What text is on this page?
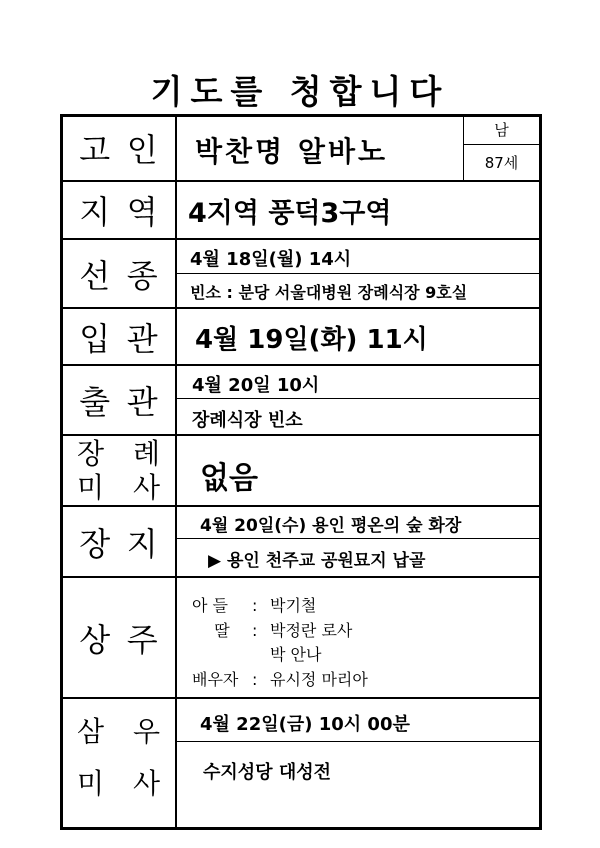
기도를 청합니다
고 인 박찬명 알바노
남
87세
지 역 4지역 풍덕3구역
선 종 4월 18일(월) 14시
빈소 : 분당 서울대병원 장례식장 9호실
입 관 4월 19일(화) 11시
출 관 4월 20일 10시
장례식장 빈소
장 례
미 사 없음
장 지 4월 20일(수) 용인 평온의 숲 화장
▶ 용인 천주교 공원묘지 납골
상 주
아 들 : 박기철
딸 : 박정란 로사
박 안나
배우자 : 유시정 마리아
삼 우
미 사
4월 22일(금) 10시 00분
수지성당 대성전
